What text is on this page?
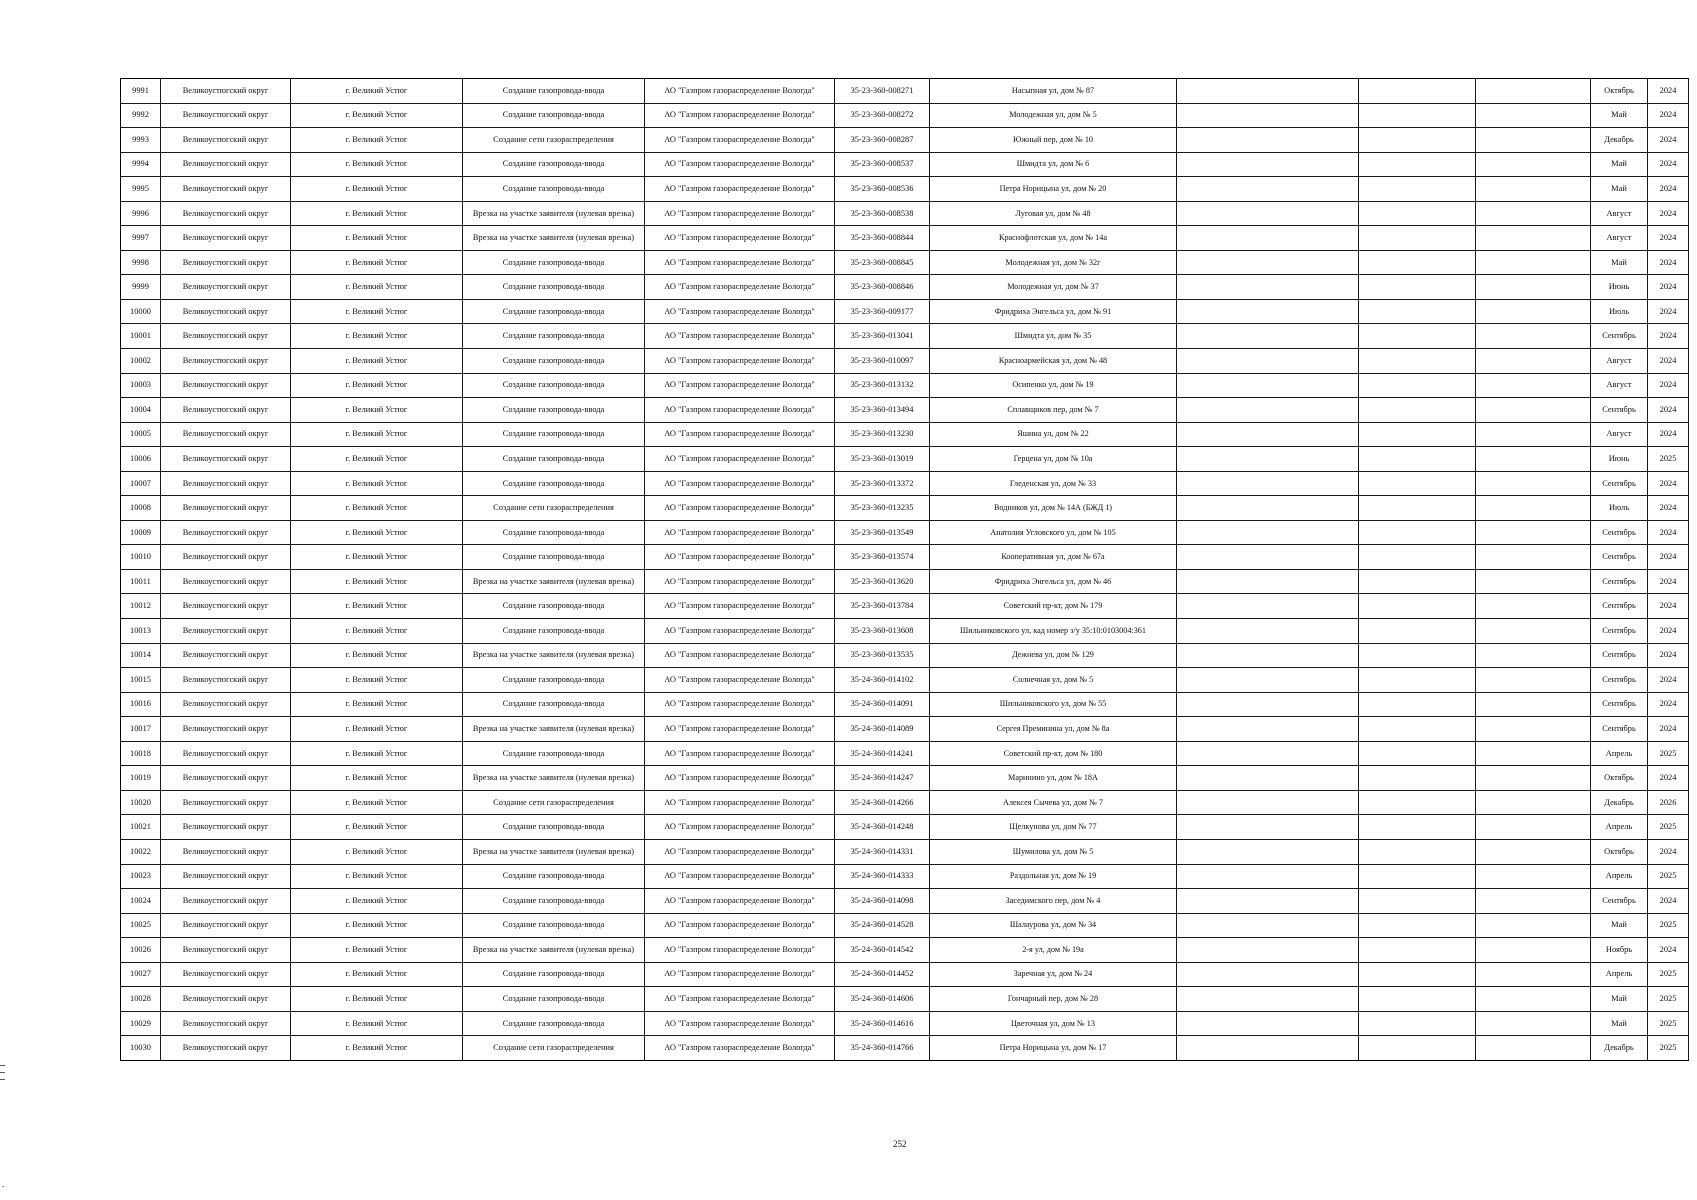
9991	Великоустюгский округ	г. Великий Устюг	Создание газопровода-ввода	АО "Газпром газораспределение Вологда"	35-23-360-008271	Насыпная ул, дом № 87				Октябрь	2024
9992	Великоустюгский округ	г. Великий Устюг	Создание газопровода-ввода	АО "Газпром газораспределение Вологда"	35-23-360-008272	Молодежная ул, дом № 5				Май	2024
9993	Великоустюгский округ	г. Великий Устюг	Создание сети газораспределения	АО "Газпром газораспределение Вологда"	35-23-360-008287	Южный пер, дом № 10				Декабрь	2024
9994	Великоустюгский округ	г. Великий Устюг	Создание газопровода-ввода	АО "Газпром газораспределение Вологда"	35-23-360-008537	Шмидта ул, дом № 6				Май	2024
9995	Великоустюгский округ	г. Великий Устюг	Создание газопровода-ввода	АО "Газпром газораспределение Вологда"	35-23-360-008536	Петра Норицына ул, дом № 20				Май	2024
9996	Великоустюгский округ	г. Великий Устюг	Врезка на участке заявителя (нулевая врезка)	АО "Газпром газораспределение Вологда"	35-23-360-008538	Луговая ул, дом № 48				Август	2024
9997	Великоустюгский округ	г. Великий Устюг	Врезка на участке заявителя (нулевая врезка)	АО "Газпром газораспределение Вологда"	35-23-360-008844	Краснофлотская ул, дом № 14а				Август	2024
9998	Великоустюгский округ	г. Великий Устюг	Создание газопровода-ввода	АО "Газпром газораспределение Вологда"	35-23-360-008845	Молодежная ул, дом № 32г				Май	2024
9999	Великоустюгский округ	г. Великий Устюг	Создание газопровода-ввода	АО "Газпром газораспределение Вологда"	35-23-360-008846	Молодежная ул, дом № 37				Июнь	2024
10000	Великоустюгский округ	г. Великий Устюг	Создание газопровода-ввода	АО "Газпром газораспределение Вологда"	35-23-360-009177	Фридриха Энгельса ул, дом № 91				Июль	2024
10001	Великоустюгский округ	г. Великий Устюг	Создание газопровода-ввода	АО "Газпром газораспределение Вологда"	35-23-360-013041	Шмидта ул, дом № 35				Сентябрь	2024
10002	Великоустюгский округ	г. Великий Устюг	Создание газопровода-ввода	АО "Газпром газораспределение Вологда"	35-23-360-010097	Красноармейская ул, дом № 48				Август	2024
10003	Великоустюгский округ	г. Великий Устюг	Создание газопровода-ввода	АО "Газпром газораспределение Вологда"	35-23-360-013132	Осипенко ул, дом № 19				Август	2024
10004	Великоустюгский округ	г. Великий Устюг	Создание газопровода-ввода	АО "Газпром газораспределение Вологда"	35-23-360-013494	Сплавщиков пер, дом № 7				Сентябрь	2024
10005	Великоустюгский округ	г. Великий Устюг	Создание газопровода-ввода	АО "Газпром газораспределение Вологда"	35-23-360-013230	Яшина ул, дом № 22				Август	2024
10006	Великоустюгский округ	г. Великий Устюг	Создание газопровода-ввода	АО "Газпром газораспределение Вологда"	35-23-360-013019	Герцена ул, дом № 10а				Июнь	2025
10007	Великоустюгский округ	г. Великий Устюг	Создание газопровода-ввода	АО "Газпром газораспределение Вологда"	35-23-360-013372	Гледенская ул, дом № 33				Сентябрь	2024
10008	Великоустюгский округ	г. Великий Устюг	Создание сети газораспределения	АО "Газпром газораспределение Вологда"	35-23-360-013235	Водников ул, дом № 14А (БЖД 1)				Июль	2024
10009	Великоустюгский округ	г. Великий Устюг	Создание газопровода-ввода	АО "Газпром газораспределение Вологда"	35-23-360-013549	Анатолия Угловского ул, дом № 105				Сентябрь	2024
10010	Великоустюгский округ	г. Великий Устюг	Создание газопровода-ввода	АО "Газпром газораспределение Вологда"	35-23-360-013574	Кооперативная ул, дом № 67а				Сентябрь	2024
10011	Великоустюгский округ	г. Великий Устюг	Врезка на участке заявителя (нулевая врезка)	АО "Газпром газораспределение Вологда"	35-23-360-013620	Фридриха Энгельса ул, дом № 46				Сентябрь	2024
10012	Великоустюгский округ	г. Великий Устюг	Создание газопровода-ввода	АО "Газпром газораспределение Вологда"	35-23-360-013784	Советский пр-кт, дом № 179				Сентябрь	2024
10013	Великоустюгский округ	г. Великий Устюг	Создание газопровода-ввода	АО "Газпром газораспределение Вологда"	35-23-360-013608	Шильниковского ул, кад номер з/у 35:10:0103004:361				Сентябрь	2024
10014	Великоустюгский округ	г. Великий Устюг	Врезка на участке заявителя (нулевая врезка)	АО "Газпром газораспределение Вологда"	35-23-360-013535	Дежнева ул, дом № 129				Сентябрь	2024
10015	Великоустюгский округ	г. Великий Устюг	Создание газопровода-ввода	АО "Газпром газораспределение Вологда"	35-24-360-014102	Солнечная ул, дом № 5				Сентябрь	2024
10016	Великоустюгский округ	г. Великий Устюг	Создание газопровода-ввода	АО "Газпром газораспределение Вологда"	35-24-360-014091	Шильниковского ул, дом № 55				Сентябрь	2024
10017	Великоустюгский округ	г. Великий Устюг	Врезка на участке заявителя (нулевая врезка)	АО "Газпром газораспределение Вологда"	35-24-360-014089	Сергея Преминина ул, дом № 8а				Сентябрь	2024
10018	Великоустюгский округ	г. Великий Устюг	Создание газопровода-ввода	АО "Газпром газораспределение Вологда"	35-24-360-014241	Советский пр-кт, дом № 180				Апрель	2025
10019	Великоустюгский округ	г. Великий Устюг	Врезка на участке заявителя (нулевая врезка)	АО "Газпром газораспределение Вологда"	35-24-360-014247	Маринино ул, дом № 18А				Октябрь	2024
10020	Великоустюгский округ	г. Великий Устюг	Создание сети газораспределения	АО "Газпром газораспределение Вологда"	35-24-360-014266	Алексея Сычева ул, дом № 7				Декабрь	2026
10021	Великоустюгский округ	г. Великий Устюг	Создание газопровода-ввода	АО "Газпром газораспределение Вологда"	35-24-360-014248	Щелкунова ул, дом № 77				Апрель	2025
10022	Великоустюгский округ	г. Великий Устюг	Врезка на участке заявителя (нулевая врезка)	АО "Газпром газораспределение Вологда"	35-24-360-014331	Шумилова ул, дом № 5				Октябрь	2024
10023	Великоустюгский округ	г. Великий Устюг	Создание газопровода-ввода	АО "Газпром газораспределение Вологда"	35-24-360-014333	Раздольная ул, дом № 19				Апрель	2025
10024	Великоустюгский округ	г. Великий Устюг	Создание газопровода-ввода	АО "Газпром газораспределение Вологда"	35-24-360-014098	Заседимского пер, дом № 4				Сентябрь	2024
10025	Великоустюгский округ	г. Великий Устюг	Создание газопровода-ввода	АО "Газпром газораспределение Вологда"	35-24-360-014528	Шалаурова ул, дом № 34				Май	2025
10026	Великоустюгский округ	г. Великий Устюг	Врезка на участке заявителя (нулевая врезка)	АО "Газпром газораспределение Вологда"	35-24-360-014542	2-я ул, дом № 19а				Ноябрь	2024
10027	Великоустюгский округ	г. Великий Устюг	Создание газопровода-ввода	АО "Газпром газораспределение Вологда"	35-24-360-014452	Заречная ул, дом № 24				Апрель	2025
10028	Великоустюгский округ	г. Великий Устюг	Создание газопровода-ввода	АО "Газпром газораспределение Вологда"	35-24-360-014606	Гончарный пер, дом № 28				Май	2025
10029	Великоустюгский округ	г. Великий Устюг	Создание газопровода-ввода	АО "Газпром газораспределение Вологда"	35-24-360-014616	Цветочная ул, дом № 13				Май	2025
10030	Великоустюгский округ	г. Великий Устюг	Создание сети газораспределения	АО "Газпром газораспределение Вологда"	35-24-360-014766	Петра Норицына ул, дом № 17				Декабрь	2025
252
